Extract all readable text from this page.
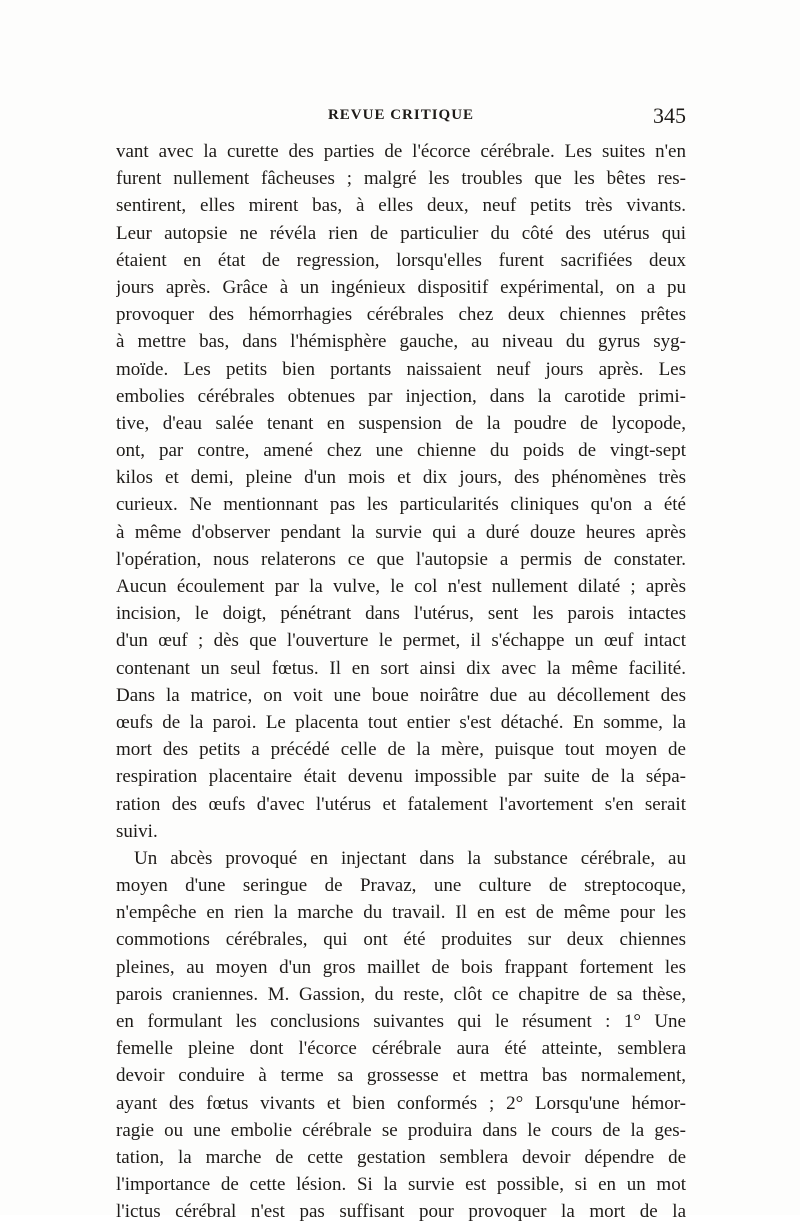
REVUE CRITIQUE	345
vant avec la curette des parties de l'écorce cérébrale. Les suites n'en
furent nullement fâcheuses ; malgré les troubles que les bêtes res-
sentirent, elles mirent bas, à elles deux, neuf petits très vivants.
Leur autopsie ne révéla rien de particulier du côté des utérus qui
étaient en état de regression, lorsqu'elles furent sacrifiées deux
jours après. Grâce à un ingénieux dispositif expérimental, on a pu
provoquer des hémorrhagies cérébrales chez deux chiennes prêtes
à mettre bas, dans l'hémisphère gauche, au niveau du gyrus syg-
moïde. Les petits bien portants naissaient neuf jours après. Les
embolies cérébrales obtenues par injection, dans la carotide primi-
tive, d'eau salée tenant en suspension de la poudre de lycopode,
ont, par contre, amené chez une chienne du poids de vingt-sept
kilos et demi, pleine d'un mois et dix jours, des phénomènes très
curieux. Ne mentionnant pas les particularités cliniques qu'on a été
à même d'observer pendant la survie qui a duré douze heures après
l'opération, nous relaterons ce que l'autopsie a permis de constater.
Aucun écoulement par la vulve, le col n'est nullement dilaté ; après
incision, le doigt, pénétrant dans l'utérus, sent les parois intactes
d'un œuf ; dès que l'ouverture le permet, il s'échappe un œuf intact
contenant un seul fœtus. Il en sort ainsi dix avec la même facilité.
Dans la matrice, on voit une boue noirâtre due au décollement des
œufs de la paroi. Le placenta tout entier s'est détaché. En somme, la
mort des petits a précédé celle de la mère, puisque tout moyen de
respiration placentaire était devenu impossible par suite de la sépa-
ration des œufs d'avec l'utérus et fatalement l'avortement s'en serait
suivi.
Un abcès provoqué en injectant dans la substance cérébrale, au
moyen d'une seringue de Pravaz, une culture de streptocoque,
n'empêche en rien la marche du travail. Il en est de même pour les
commotions cérébrales, qui ont été produites sur deux chiennes
pleines, au moyen d'un gros maillet de bois frappant fortement les
parois craniennes. M. Gassion, du reste, clôt ce chapitre de sa thèse,
en formulant les conclusions suivantes qui le résument : 1° Une
femelle pleine dont l'écorce cérébrale aura été atteinte, semblera
devoir conduire à terme sa grossesse et mettra bas normalement,
ayant des fœtus vivants et bien conformés ; 2° Lorsqu'une hémor-
ragie ou une embolie cérébrale se produira dans le cours de la ges-
tation, la marche de cette gestation semblera devoir dépendre de
l'importance de cette lésion. Si la survie est possible, si en un mot
l'ictus cérébral n'est pas suffisant pour provoquer la mort de la
